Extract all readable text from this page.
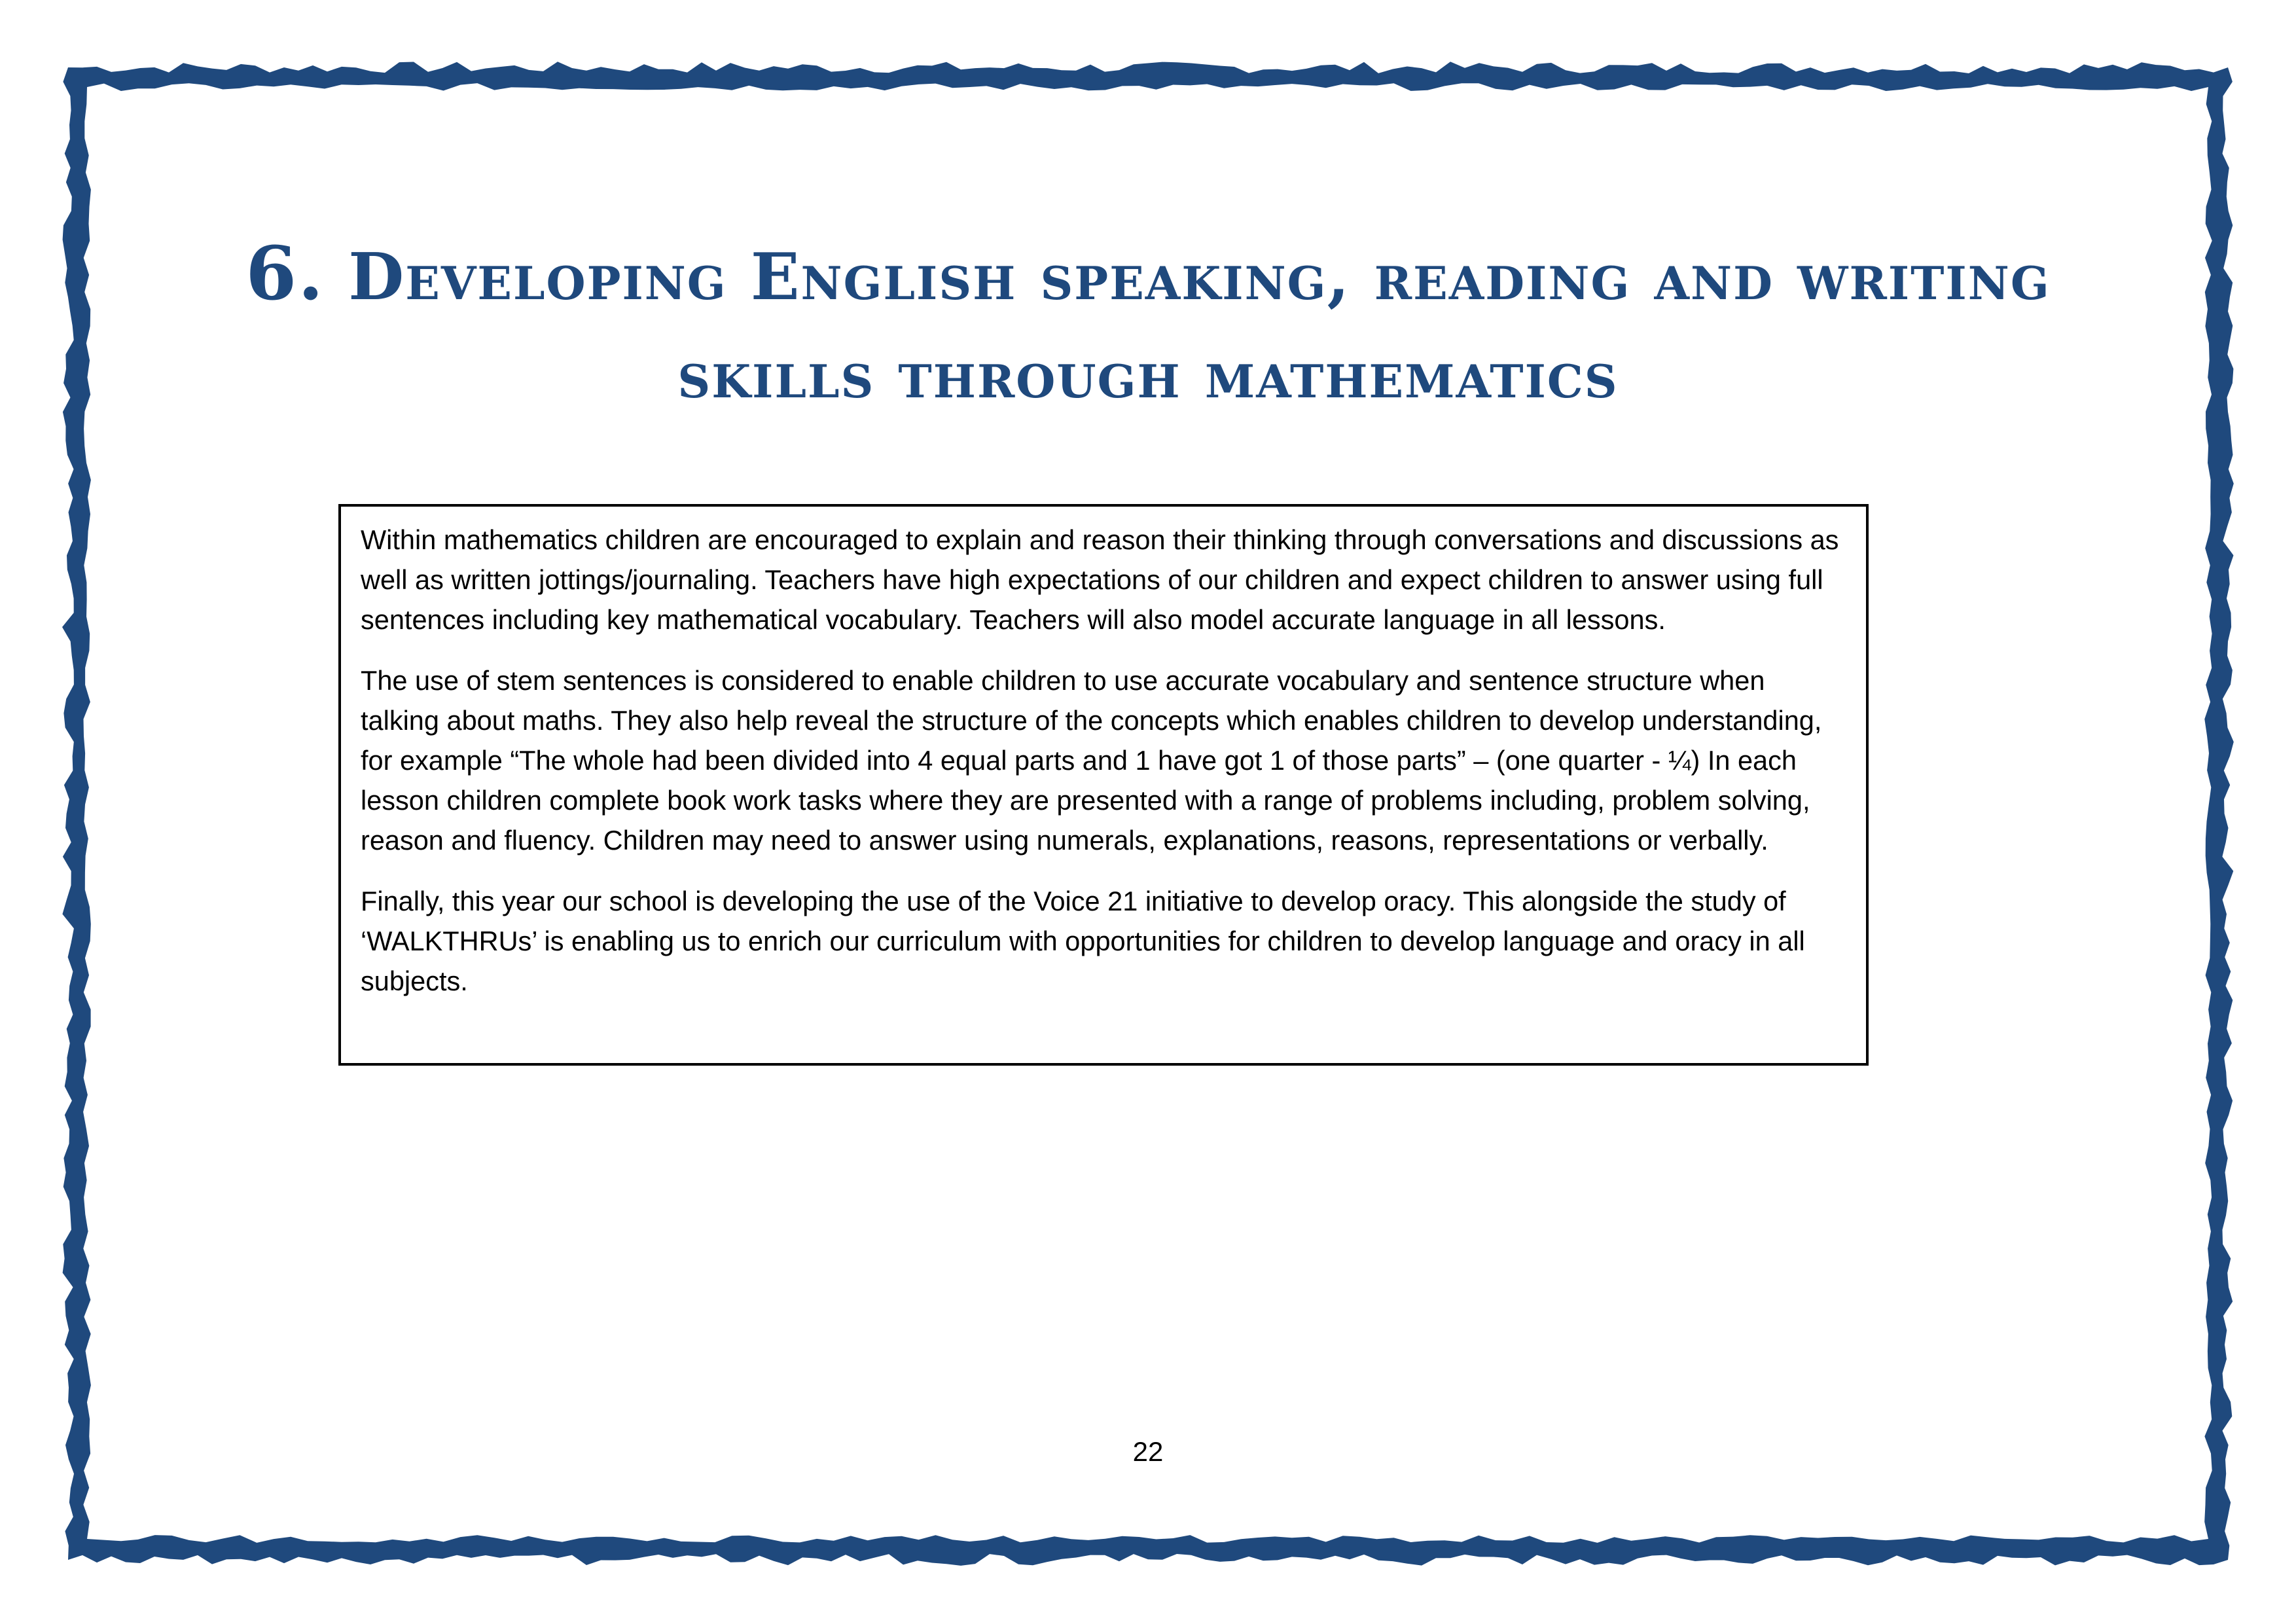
6. Developing English speaking, reading and writing
skills through mathematics

Within mathematics children are encouraged to explain and reason their thinking through conversations and discussions as well as written jottings/journaling. Teachers have high expectations of our children and expect children to answer using full sentences including key mathematical vocabulary. Teachers will also model accurate language in all lessons.

The use of stem sentences is considered to enable children to use accurate vocabulary and sentence structure when talking about maths. They also help reveal the structure of the concepts which enables children to develop understanding, for example “The whole had been divided into 4 equal parts and 1 have got 1 of those parts” – (one quarter - ¼) In each lesson children complete book work tasks where they are presented with a range of problems including, problem solving, reason and fluency. Children may need to answer using numerals, explanations, reasons, representations or verbally.

Finally, this year our school is developing the use of the Voice 21 initiative to develop oracy. This alongside the study of ‘WALKTHRUs’ is enabling us to enrich our curriculum with opportunities for children to develop language and oracy in all subjects.

22
